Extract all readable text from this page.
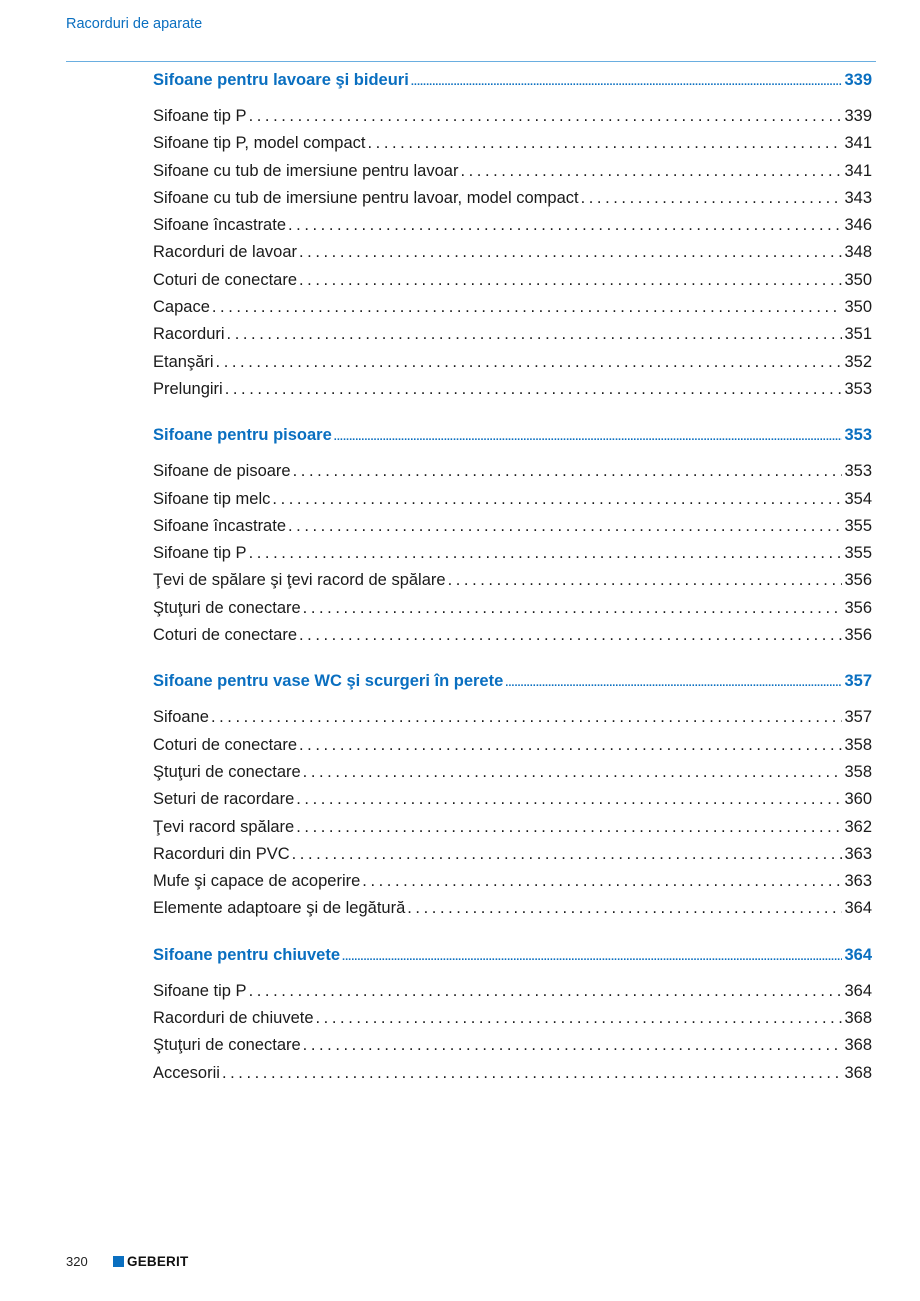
Racorduri de aparate
Sifoane pentru lavoare şi bideuri .....	339
Sifoane tip P . . .	339
Sifoane tip P, model compact . . .	341
Sifoane cu tub de imersiune pentru lavoar . . .	341
Sifoane cu tub de imersiune pentru lavoar, model compact . . .	343
Sifoane încastrate . . .	346
Racorduri de lavoar . . .	348
Coturi de conectare . . .	350
Capace . . .	350
Racorduri . . .	351
Etanşări . . .	352
Prelungiri . . .	353
Sifoane pentru pisoare .....	353
Sifoane de pisoare . . .	353
Sifoane tip melc . . .	354
Sifoane încastrate . . .	355
Sifoane tip P . . .	355
Ţevi de spălare şi ţevi racord de spălare . . .	356
Ştuţuri de conectare . . .	356
Coturi de conectare . . .	356
Sifoane pentru vase WC şi scurgeri în perete .....	357
Sifoane . . .	357
Coturi de conectare . . .	358
Ştuţuri de conectare . . .	358
Seturi de racordare . . .	360
Ţevi racord spălare . . .	362
Racorduri din PVC . . .	363
Mufe şi capace de acoperire . . .	363
Elemente adaptoare şi de legătură . . .	364
Sifoane pentru chiuvete .....	364
Sifoane tip P . . .	364
Racorduri de chiuvete . . .	368
Ştuţuri de conectare . . .	368
Accesorii . . .	368
320	GEBERIT
